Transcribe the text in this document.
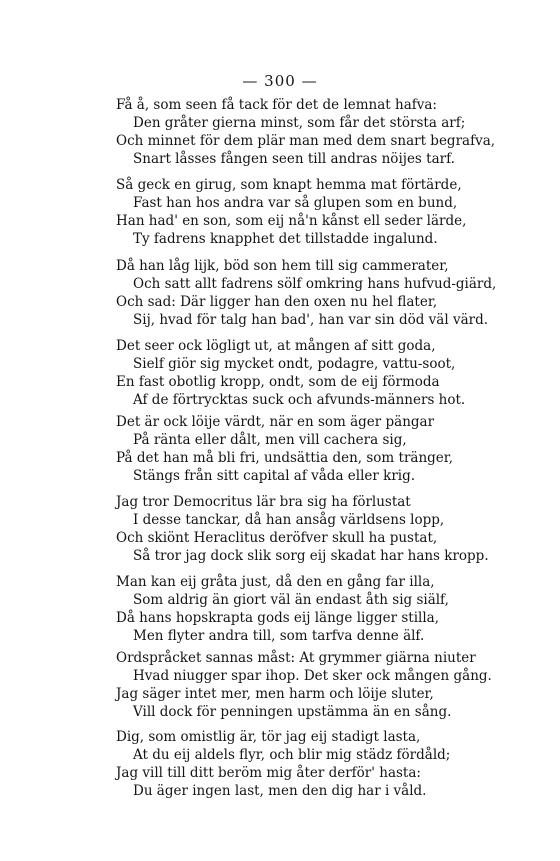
— 300 —
Få å, som seen få tack för det de lemnat hafva:
Den gråter gierna minst, som får det största arf;
Och minnet för dem plär man med dem snart begrafva,
Snart låsses fången seen till andras nöijes tarf.
Så geck en girug, som knapt hemma mat förtärde,
Fast han hos andra var så glupen som en bund,
Han had' en son, som eij nå'n kånst ell seder lärde,
Ty fadrens knapphet det tillstadde ingalund.
Då han låg lijk, böd son hem till sig cammerater,
Och satt allt fadrens sölf omkring hans hufvud-giärd,
Och sad: Där ligger han den oxen nu hel flater,
Sij, hvad för talg han bad', han var sin död väl värd.
Det seer ock lögligt ut, at mången af sitt goda,
Sielf giör sig mycket ondt, podagre, vattu-soot,
En fast obotlig kropp, ondt, som de eij förmoda
Af de förtrycktas suck och afvunds-männers hot.
Det är ock löije värdt, när en som äger pängar
På ränta eller dålt, men vill cachera sig,
På det han må bli fri, undsättia den, som tränger,
Stängs från sitt capital af våda eller krig.
Jag tror Democritus lär bra sig ha förlustat
I desse tanckar, då han ansåg världsens lopp,
Och skiönt Heraclitus deröfver skull ha pustat,
Så tror jag dock slik sorg eij skadat har hans kropp.
Man kan eij gråta just, då den en gång far illa,
Som aldrig än giort väl än endast åth sig siälf,
Då hans hopskrapta gods eij länge ligger stilla,
Men flyter andra till, som tarfva denne älf.
Ordspråcket sannas måst: At grymmer giärna niuter
Hvad niugger spar ihop. Det sker ock mången gång.
Jag säger intet mer, men harm och löije sluter,
Vill dock för penningen upstämma än en sång.
Dig, som omistlig är, tör jag eij stadigt lasta,
At du eij aldels flyr, och blir mig städz fördåld;
Jag vill till ditt beröm mig åter derför' hasta:
Du äger ingen last, men den dig har i våld.
